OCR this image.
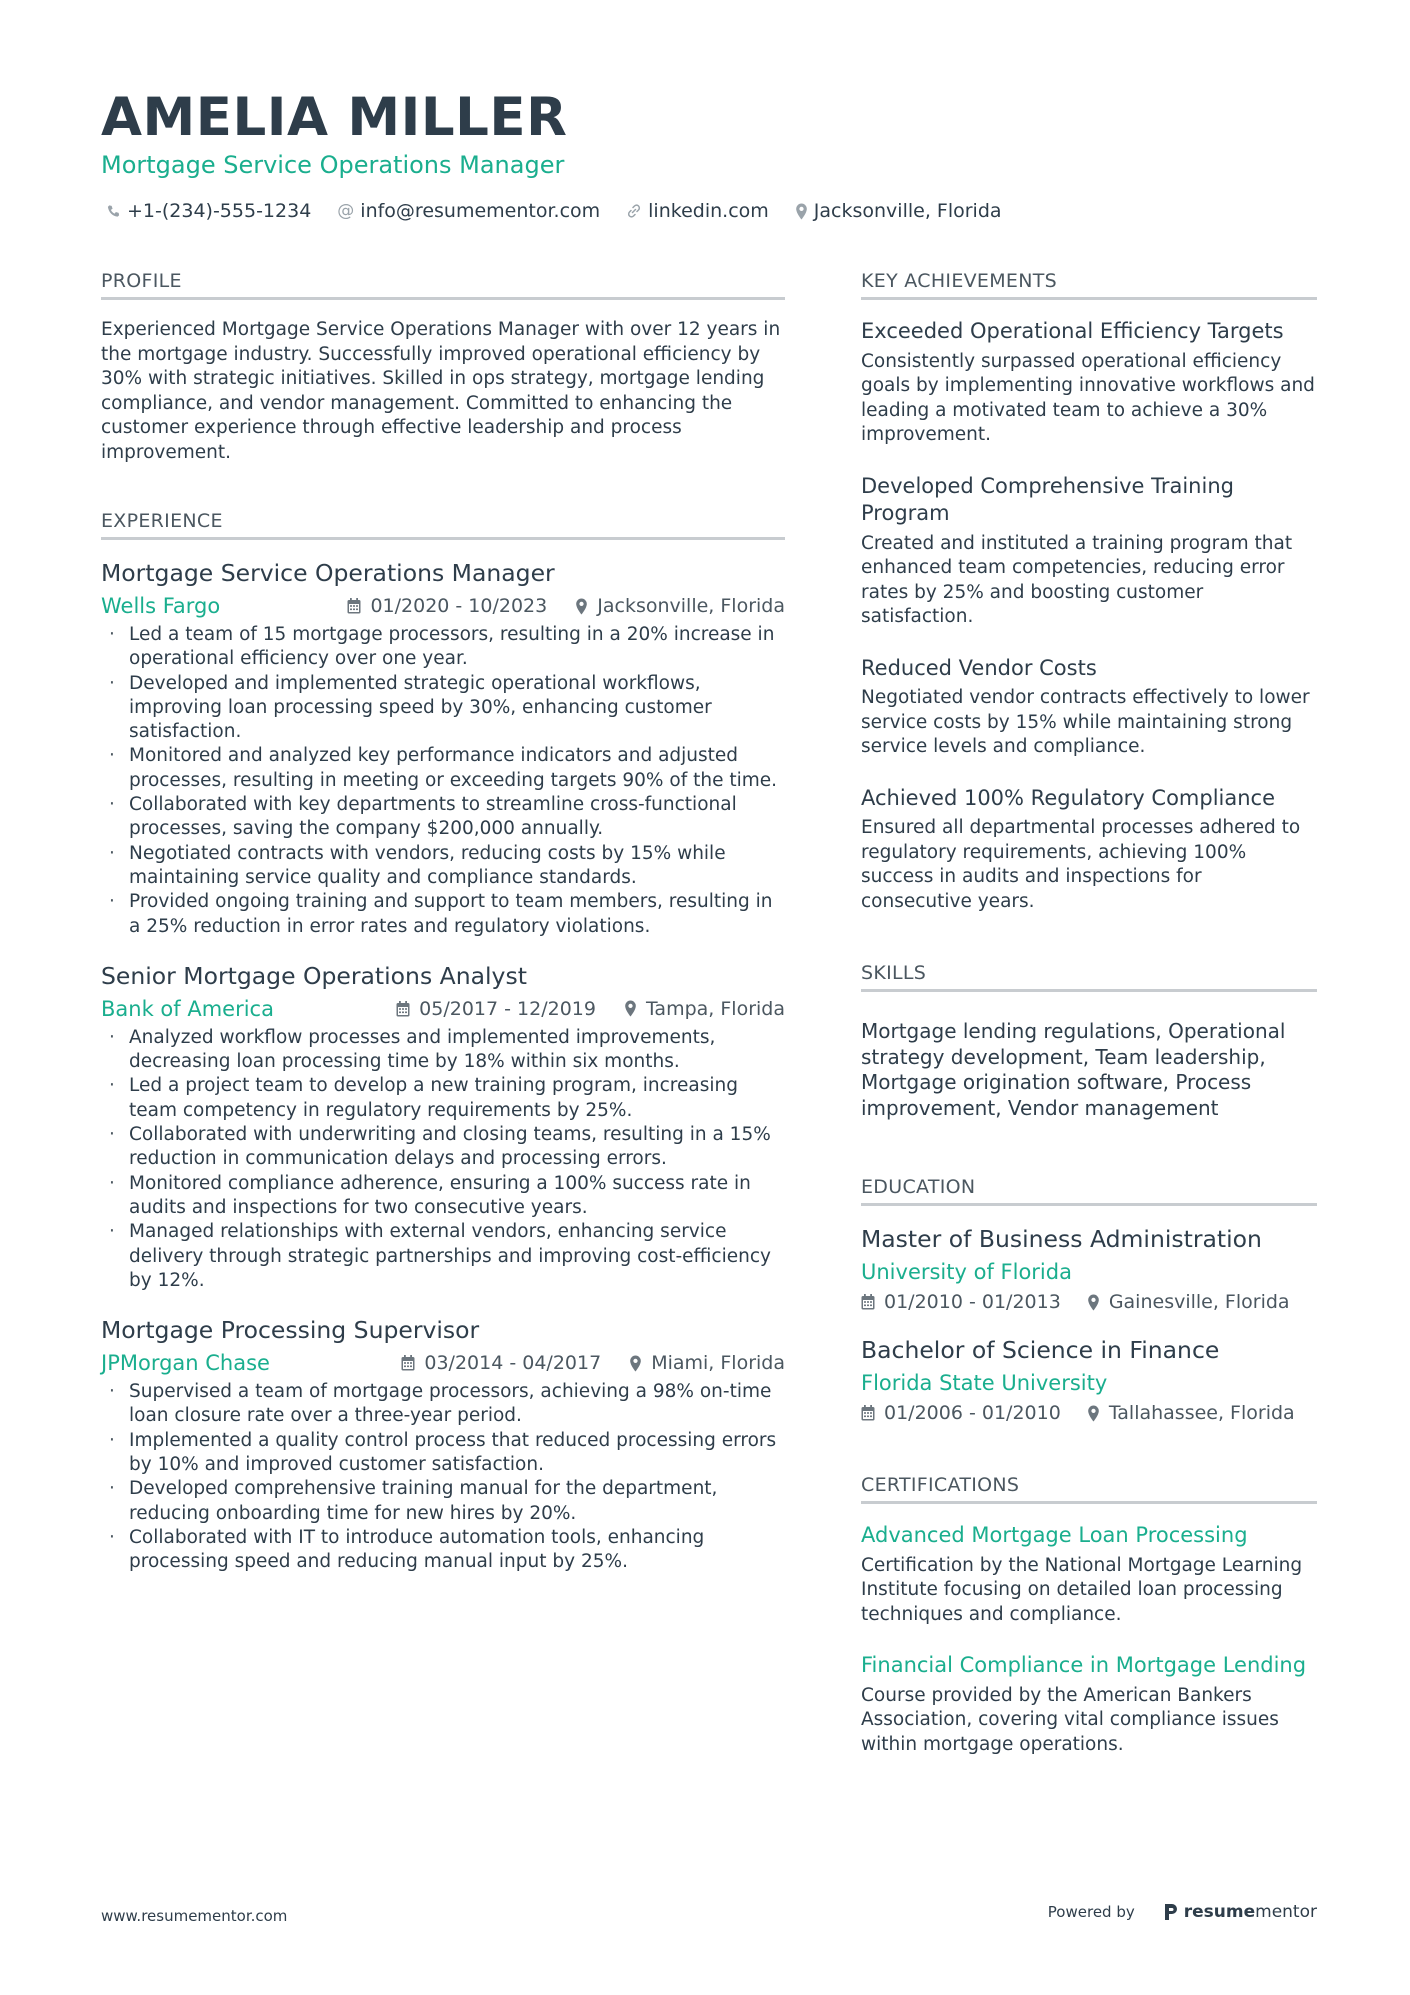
AMELIA MILLER
Mortgage Service Operations Manager
+1-(234)-555-1234 @ info@resumementor.com	linkedin.com Jacksonville, Florida
PROFILE

Experienced Mortgage Service Operations Manager with over 12 years in the mortgage industry. Successfully improved operational efficiency by 30% with strategic initiatives. Skilled in ops strategy, mortgage lending compliance, and vendor management. Committed to enhancing the customer experience through effective leadership and process improvement.

EXPERIENCE
Mortgage Service Operations Manager
Wells Fargo	01/2020 - 10/2023	Jacksonville, Florida
· Led a team of 15 mortgage processors, resulting in a 20% increase in operational efficiency over one year.
· Developed and implemented strategic operational workflows, improving loan processing speed by 30%, enhancing customer satisfaction.
· Monitored and analyzed key performance indicators and adjusted processes, resulting in meeting or exceeding targets 90% of the time.
· Collaborated with key departments to streamline cross-functional processes, saving the company $200,000 annually.
· Negotiated contracts with vendors, reducing costs by 15% while maintaining service quality and compliance standards.
· Provided ongoing training and support to team members, resulting in a 25% reduction in error rates and regulatory violations.
Senior Mortgage Operations Analyst
Bank of America	05/2017 - 12/2019	Tampa, Florida
· Analyzed workflow processes and implemented improvements, decreasing loan processing time by 18% within six months.
· Led a project team to develop a new training program, increasing team competency in regulatory requirements by 25%.
· Collaborated with underwriting and closing teams, resulting in a 15% reduction in communication delays and processing errors.
· Monitored compliance adherence, ensuring a 100% success rate in audits and inspections for two consecutive years.
· Managed relationships with external vendors, enhancing service delivery through strategic partnerships and improving cost-efficiency by 12%.
Mortgage Processing Supervisor
JPMorgan Chase	03/2014 - 04/2017	Miami, Florida
· Supervised a team of mortgage processors, achieving a 98% on-time loan closure rate over a three-year period.
· Implemented a quality control process that reduced processing errors by 10% and improved customer satisfaction.
· Developed comprehensive training manual for the department, reducing onboarding time for new hires by 20%.
· Collaborated with IT to introduce automation tools, enhancing processing speed and reducing manual input by 25%.
KEY ACHIEVEMENTS
Exceeded Operational Efficiency Targets

Consistently surpassed operational efficiency goals by implementing innovative workflows and leading a motivated team to achieve a 30% improvement.

Developed Comprehensive Training Program

Created and instituted a training program that enhanced team competencies, reducing error rates by 25% and boosting customer satisfaction.

Reduced Vendor Costs

Negotiated vendor contracts effectively to lower service costs by 15% while maintaining strong service levels and compliance.

Achieved 100% Regulatory Compliance

Ensured all departmental processes adhered to regulatory requirements, achieving 100% success in audits and inspections for consecutive years.

SKILLS

Mortgage lending regulations, Operational strategy development, Team leadership, Mortgage origination software, Process improvement, Vendor management

EDUCATION
Master of Business Administration
University of Florida
01/2010 - 01/2013	Gainesville, Florida
Bachelor of Science in Finance
Florida State University
01/2006 - 01/2010	Tallahassee, Florida
CERTIFICATIONS
Advanced Mortgage Loan Processing

Certification by the National Mortgage Learning Institute focusing on detailed loan processing techniques and compliance.

Financial Compliance in Mortgage Lending

Course provided by the American Bankers Association, covering vital compliance issues within mortgage operations.

www.resumementor.com	Powered by	resume mentor
